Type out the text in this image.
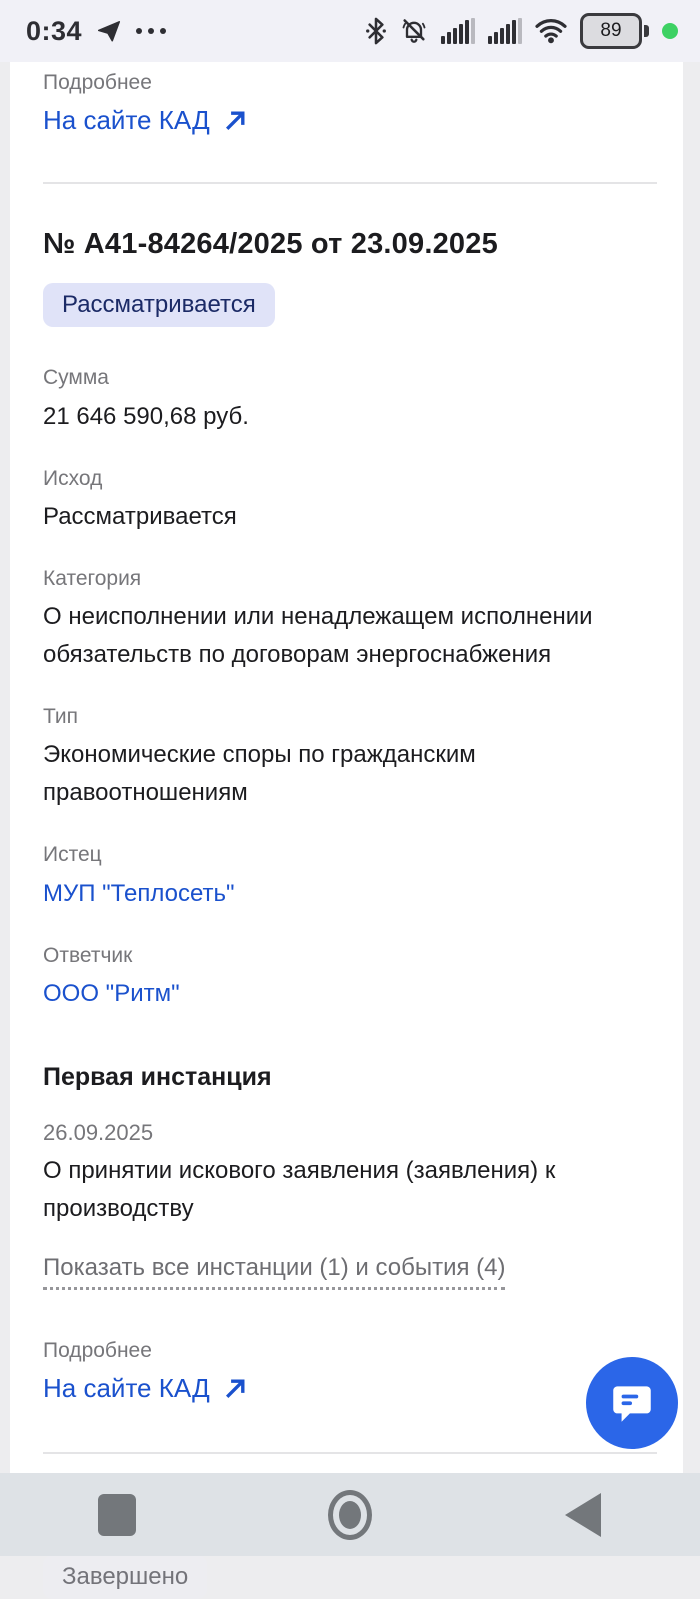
0:34	89
Подробнее
На сайте КАД
№ А41-84264/2025 от 23.09.2025
Рассматривается
Сумма
21 646 590,68 руб.
Исход
Рассматривается
Категория
О неисполнении или ненадлежащем исполнении обязательств по договорам энергоснабжения
Тип
Экономические споры по гражданским правоотношениям
Истец
МУП "Теплосеть"
Ответчик
ООО "Ритм"
Первая инстанция
26.09.2025
О принятии искового заявления (заявления) к производству
Показать все инстанции (1) и события (4)
Подробнее
На сайте КАД
Завершено
